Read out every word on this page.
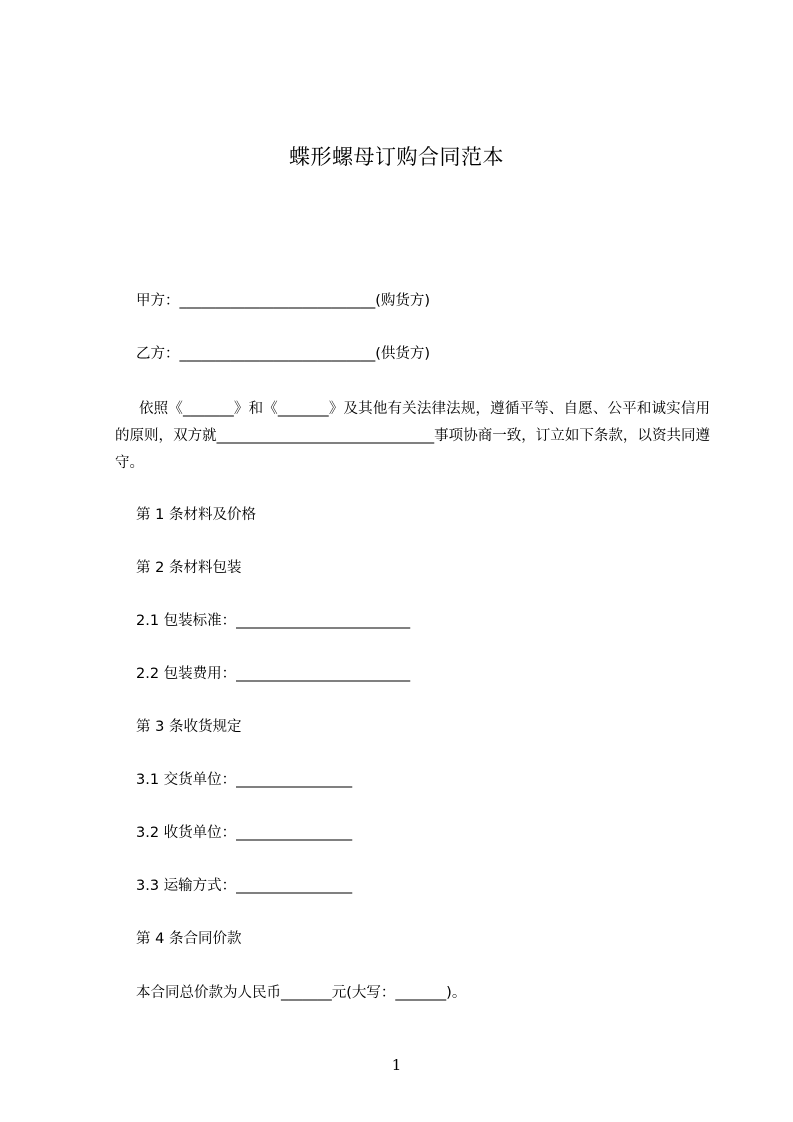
蝶形螺母订购合同范本
甲方：___________________________(购货方)
乙方：___________________________(供货方)
依照《_______》和《_______》及其他有关法律法规，遵循平等、自愿、公平和诚实信用的原则，双方就______________________________事项协商一致，订立如下条款，以资共同遵守。
第 1 条材料及价格
第 2 条材料包装
2.1 包装标准：________________________
2.2 包装费用：________________________
第 3 条收货规定
3.1 交货单位：________________
3.2 收货单位：________________
3.3 运输方式：________________
第 4 条合同价款
本合同总价款为人民币_______元(大写：_______)。
1
